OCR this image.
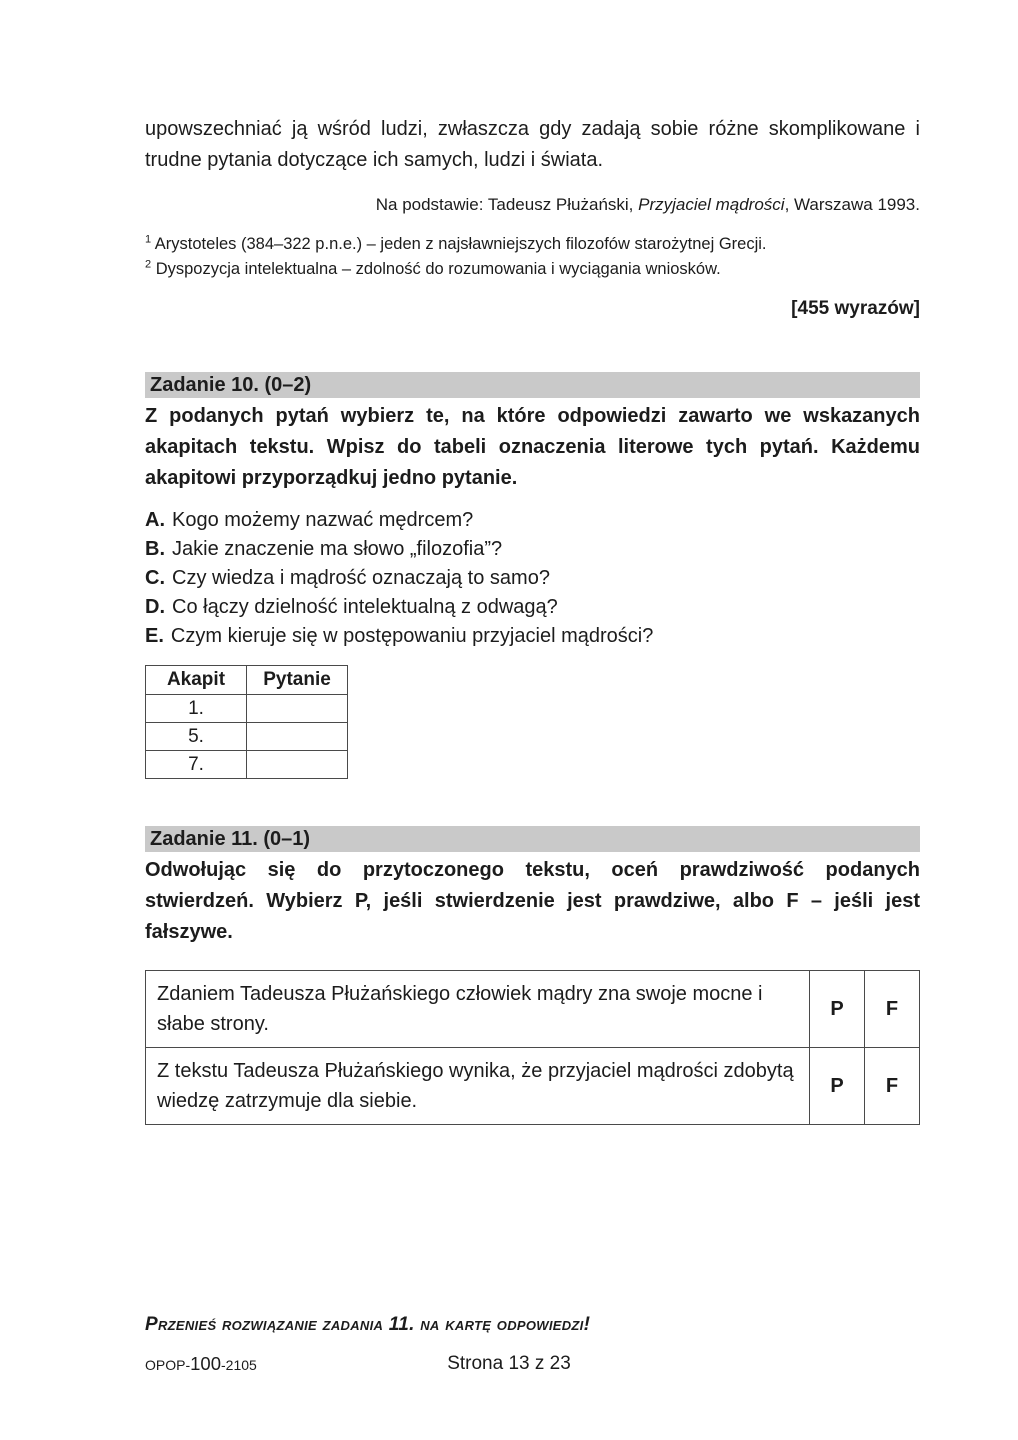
upowszechniać ją wśród ludzi, zwłaszcza gdy zadają sobie różne skomplikowane i trudne pytania dotyczące ich samych, ludzi i świata.

Na podstawie: Tadeusz Płużański, Przyjaciel mądrości, Warszawa 1993.

$^1$ Arystoteles (384–322 p.n.e.) – jeden z najsławniejszych filozofów starożytnej Grecji.

$^2$ Dyspozycja intelektualna – zdolność do rozumowania i wyciągania wniosków.

[455 wyrazów]

Zadanie 10. (0–2)

Z podanych pytań wybierz te, na które odpowiedzi zawarto we wskazanych akapitach tekstu. Wpisz do tabeli oznaczenia literowe tych pytań. Każdemu akapitowi przyporządkuj jedno pytanie.

A. Kogo możemy nazwać mędrcem?
B. Jakie znaczenie ma słowo „filozofia”?
C. Czy wiedza i mądrość oznaczają to samo?
D. Co łączy dzielność intelektualną z odwagą?
E. Czym kieruje się w postępowaniu przyjaciel mądrości?
Akapit	Pytanie
1.	
5.	
7.	
Zadanie 11. (0–1)

Odwołując się do przytoczonego tekstu, oceń prawdziwość podanych stwierdzeń. Wybierz P, jeśli stwierdzenie jest prawdziwe, albo F – jeśli jest fałszywe.

Zdaniem Tadeusza Płużańskiego człowiek mądry zna swoje mocne i słabe strony.	P	F
Z tekstu Tadeusza Płużańskiego wynika, że przyjaciel mądrości zdobytą wiedzę zatrzymuje dla siebie.	P	F
Przenieś rozwiązanie zadania 11. na kartę odpowiedzi!
OPOP-100-2105	Strona 13 z 23
